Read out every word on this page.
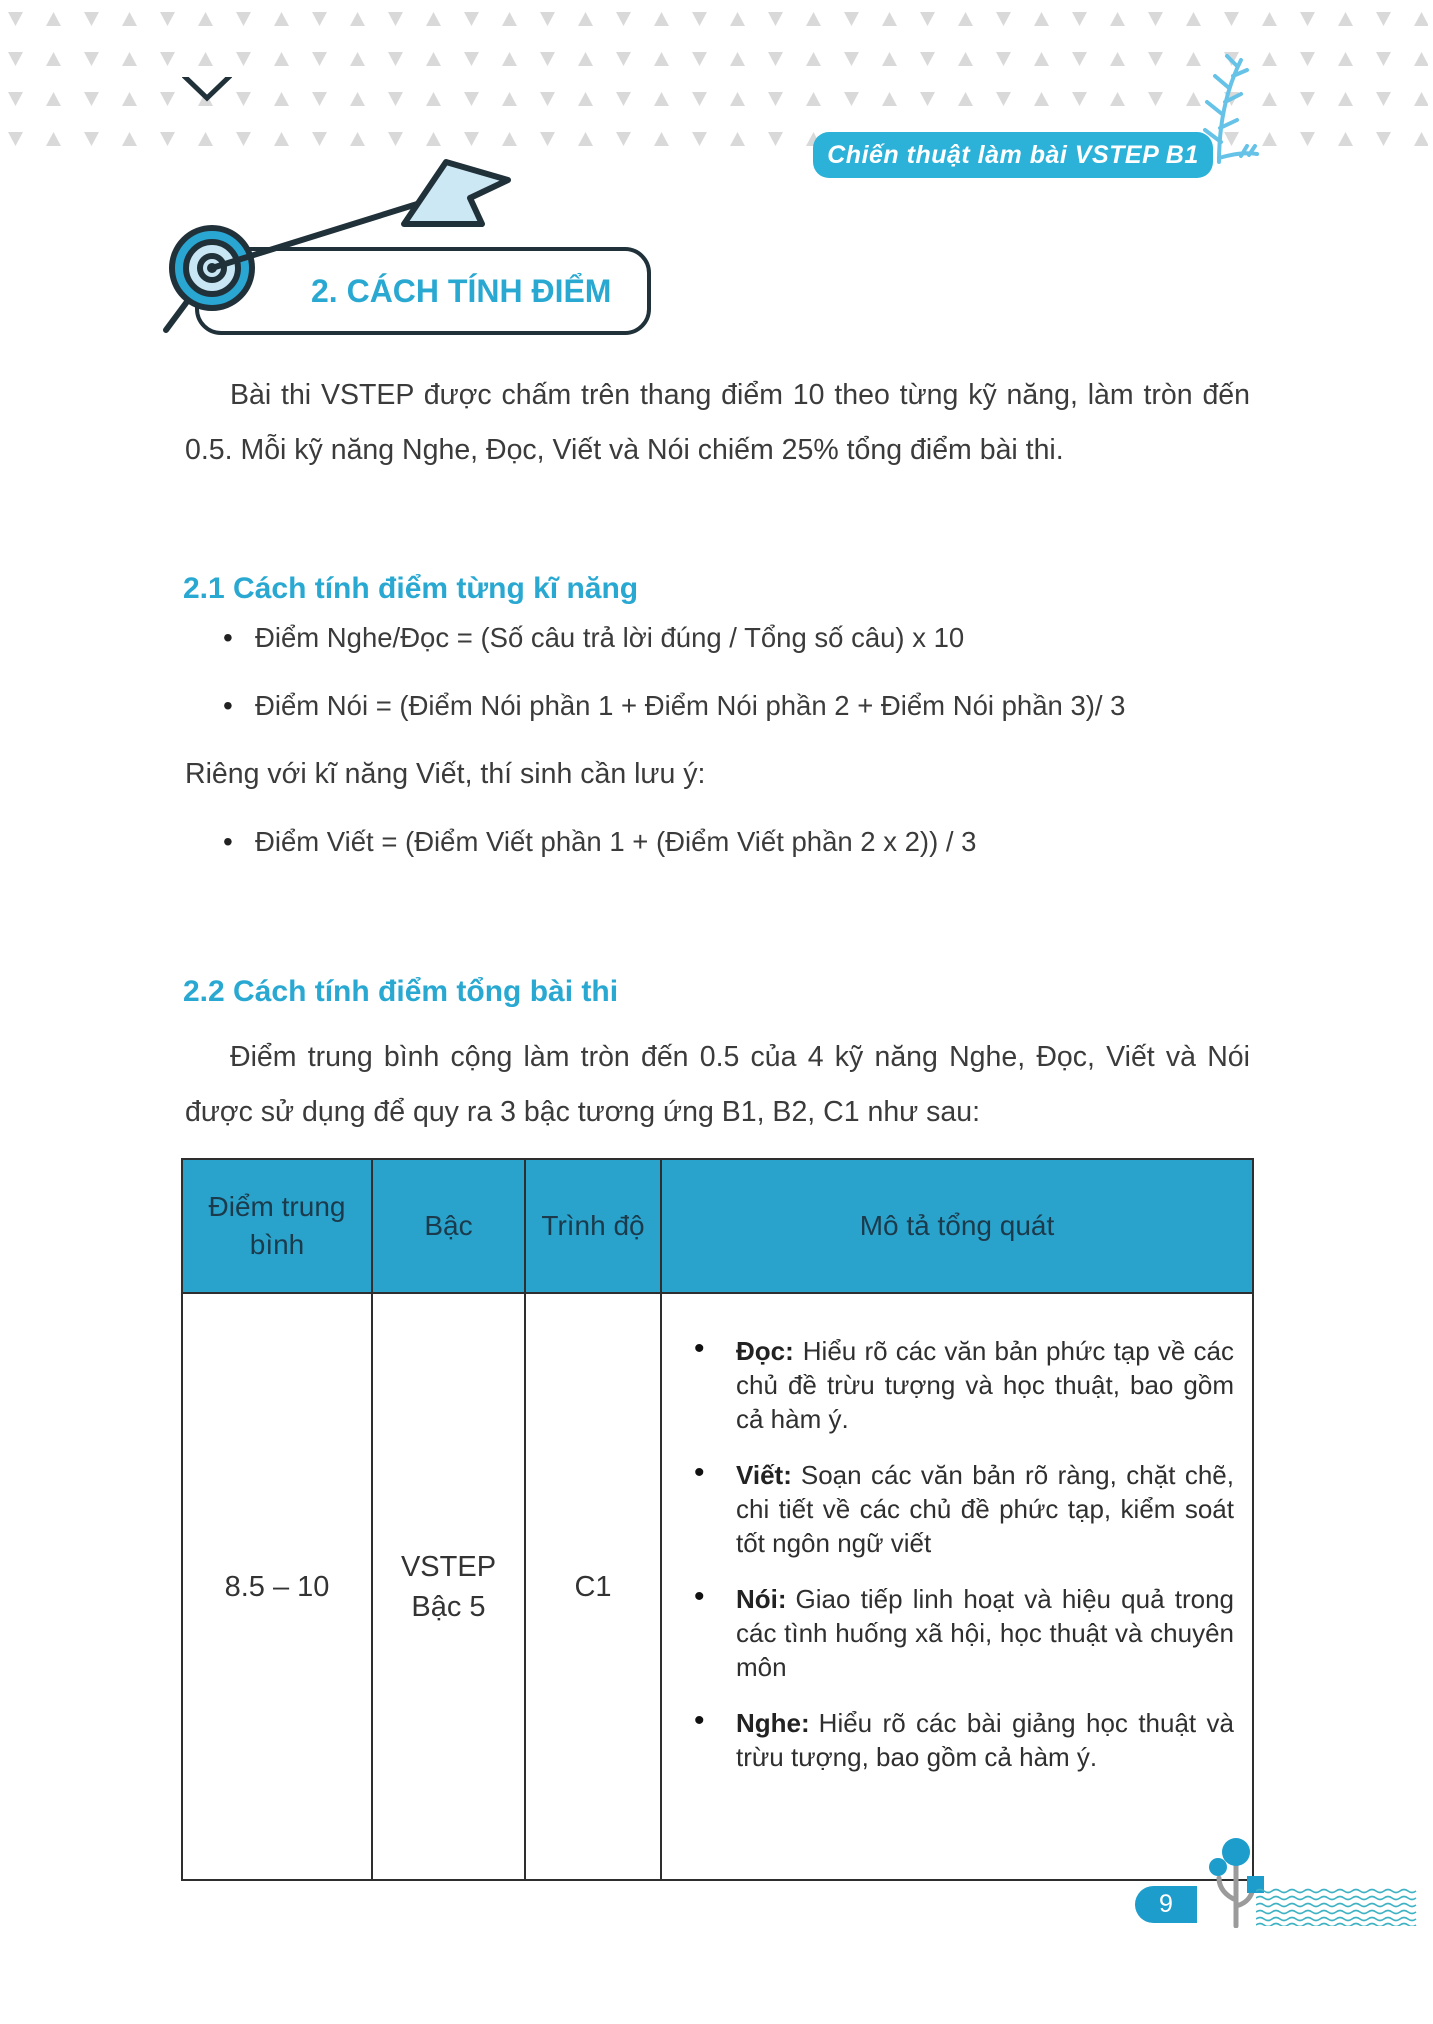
Chiến thuật làm bài VSTEP B1
2. CÁCH TÍNH ĐIỂM

Bài thi VSTEP được chấm trên thang điểm 10 theo từng kỹ năng, làm tròn đến 0.5. Mỗi kỹ năng Nghe, Đọc, Viết và Nói chiếm 25% tổng điểm bài thi.

2.1 Cách tính điểm từng kĩ năng
• Điểm Nghe/Đọc = (Số câu trả lời đúng / Tổng số câu) x 10
• Điểm Nói = (Điểm Nói phần 1 + Điểm Nói phần 2 + Điểm Nói phần 3)/ 3

Riêng với kĩ năng Viết, thí sinh cần lưu ý:

• Điểm Viết = (Điểm Viết phần 1 + (Điểm Viết phần 2 x 2)) / 3
2.2 Cách tính điểm tổng bài thi

Điểm trung bình cộng làm tròn đến 0.5 của 4 kỹ năng Nghe, Đọc, Viết và Nói được sử dụng để quy ra 3 bậc tương ứng B1, B2, C1 như sau:

Điểm trung bình	Bậc	Trình độ	Mô tả tổng quát
8.5 – 10	VSTEP Bậc 5	C1	
• Đọc: Hiểu rõ các văn bản phức tạp về các chủ đề trừu tượng và học thuật, bao gồm cả hàm ý.
• Viết: Soạn các văn bản rõ ràng, chặt chẽ, chi tiết về các chủ đề phức tạp, kiểm soát tốt ngôn ngữ viết
• Nói: Giao tiếp linh hoạt và hiệu quả trong các tình huống xã hội, học thuật và chuyên môn
• Nghe: Hiểu rõ các bài giảng học thuật và trừu tượng, bao gồm cả hàm ý.
9
